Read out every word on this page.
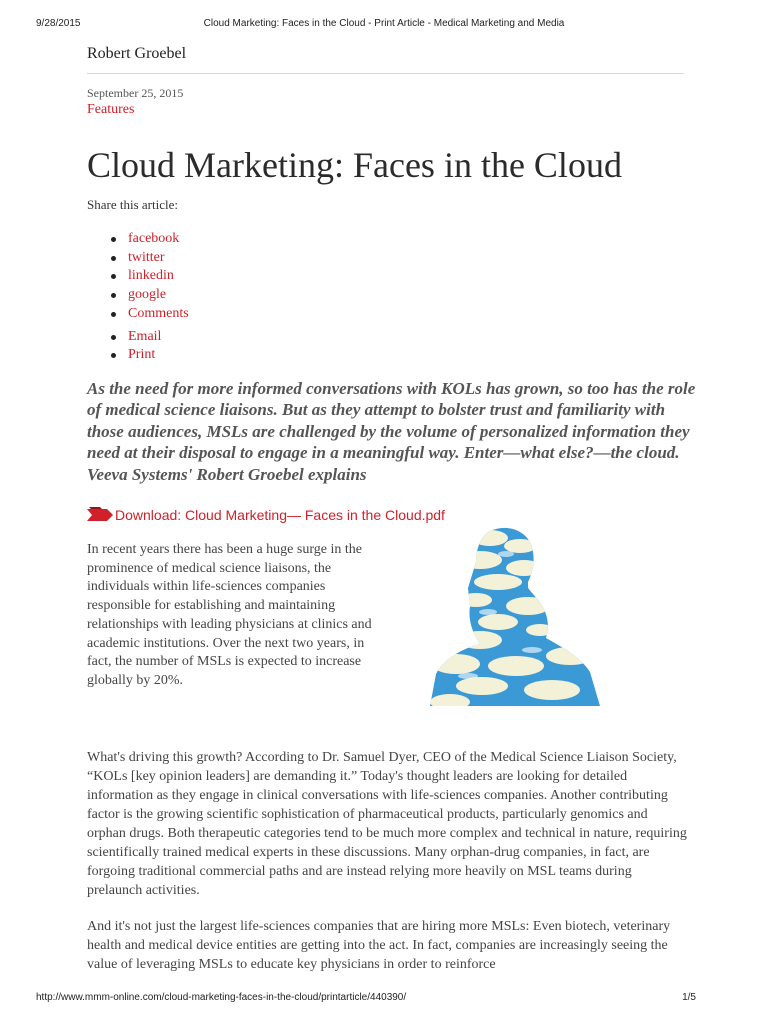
9/28/2015	Cloud Marketing: Faces in the Cloud - Print Article - Medical Marketing and Media
Robert Groebel
September 25, 2015
Features
Cloud Marketing: Faces in the Cloud
Share this article:
facebook
twitter
linkedin
google
Comments
Email
Print

As the need for more informed conversations with KOLs has grown, so too has the role of medical science liaisons. But as they attempt to bolster trust and familiarity with those audiences, MSLs are challenged by the volume of personalized information they need at their disposal to engage in a meaningful way. Enter—what else?—the cloud. Veeva Systems' Robert Groebel explains

Download: Cloud Marketing— Faces in the Cloud.pdf

In recent years there has been a huge surge in the prominence of medical science liaisons, the individuals within life-sciences companies responsible for establishing and maintaining relationships with leading physicians at clinics and academic institutions. Over the next two years, in fact, the number of MSLs is expected to increase globally by 20%.

What's driving this growth? According to Dr. Samuel Dyer, CEO of the Medical Science Liaison Society, “KOLs [key opinion leaders] are demanding it.” Today's thought leaders are looking for detailed information as they engage in clinical conversations with life-sciences companies. Another contributing factor is the growing scientific sophistication of pharmaceutical products, particularly genomics and orphan drugs. Both therapeutic categories tend to be much more complex and technical in nature, requiring scientifically trained medical experts in these discussions. Many orphan-drug companies, in fact, are forgoing traditional commercial paths and are instead relying more heavily on MSL teams during prelaunch activities.

And it's not just the largest life-sciences companies that are hiring more MSLs: Even biotech, veterinary health and medical device entities are getting into the act. In fact, companies are increasingly seeing the value of leveraging MSLs to educate key physicians in order to reinforce

http://www.mmm-online.com/cloud-marketing-faces-in-the-cloud/printarticle/440390/	1/5
